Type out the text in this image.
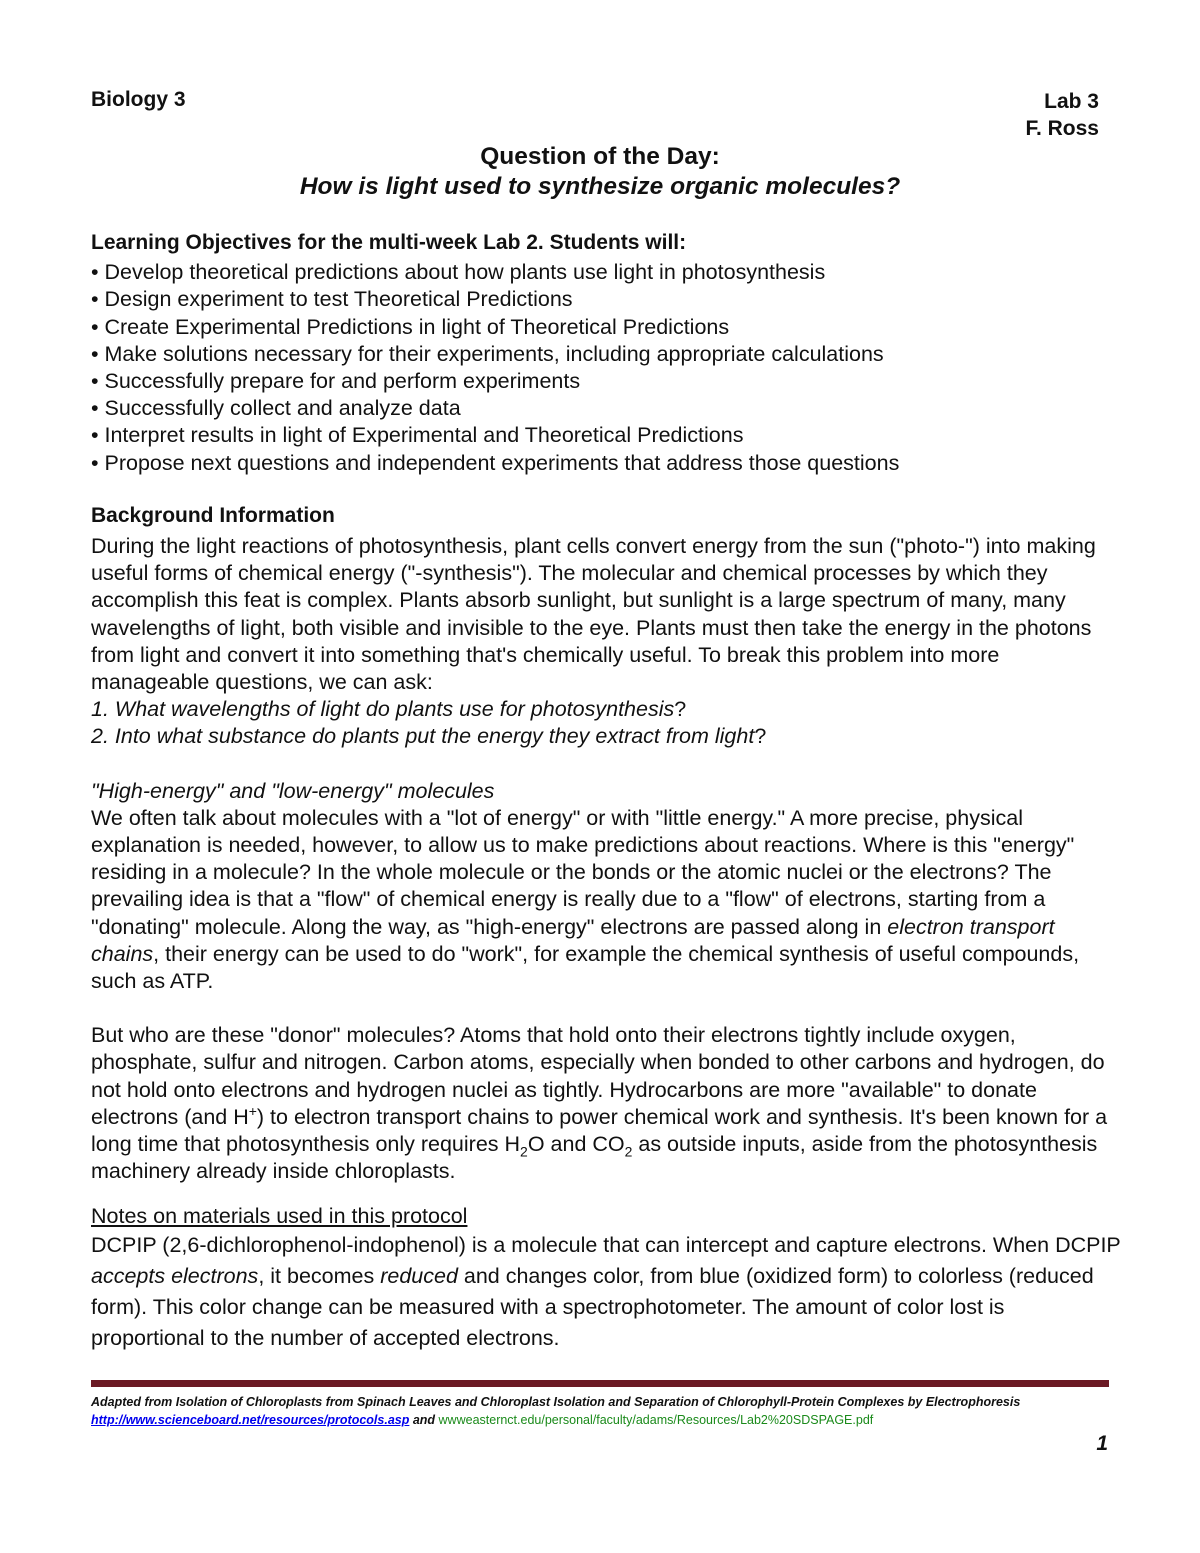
Biology 3	Lab 3
F. Ross
Question of the Day:
How is light used to synthesize organic molecules?
Learning Objectives for the multi-week Lab 2. Students will:
• Develop theoretical predictions about how plants use light in photosynthesis
• Design experiment to test Theoretical Predictions
• Create Experimental Predictions in light of Theoretical Predictions
• Make solutions necessary for their experiments, including appropriate calculations
• Successfully prepare for and perform experiments
• Successfully collect and analyze data
• Interpret results in light of Experimental and Theoretical Predictions
• Propose next questions and independent experiments that address those questions
Background Information

During the light reactions of photosynthesis, plant cells convert energy from the sun ("photo-") into making useful forms of chemical energy ("-synthesis"). The molecular and chemical processes by which they accomplish this feat is complex. Plants absorb sunlight, but sunlight is a large spectrum of many, many wavelengths of light, both visible and invisible to the eye. Plants must then take the energy in the photons from light and convert it into something that's chemically useful. To break this problem into more manageable questions, we can ask:

1. What wavelengths of light do plants use for photosynthesis?

2. Into what substance do plants put the energy they extract from light?

"High-energy" and "low-energy" molecules

We often talk about molecules with a "lot of energy" or with "little energy." A more precise, physical explanation is needed, however, to allow us to make predictions about reactions. Where is this "energy" residing in a molecule? In the whole molecule or the bonds or the atomic nuclei or the electrons? The prevailing idea is that a "flow" of chemical energy is really due to a "flow" of electrons, starting from a "donating" molecule. Along the way, as "high-energy" electrons are passed along in electron transport chains, their energy can be used to do "work", for example the chemical synthesis of useful compounds, such as ATP.

But who are these "donor" molecules? Atoms that hold onto their electrons tightly include oxygen, phosphate, sulfur and nitrogen. Carbon atoms, especially when bonded to other carbons and hydrogen, do not hold onto electrons and hydrogen nuclei as tightly. Hydrocarbons are more "available" to donate electrons (and H+) to electron transport chains to power chemical work and synthesis. It's been known for a long time that photosynthesis only requires $H_2O$ and $CO_2$ as outside inputs, aside from the photosynthesis machinery already inside chloroplasts.

Notes on materials used in this protocol

DCPIP (2,6-dichlorophenol-indophenol) is a molecule that can intercept and capture electrons. When DCPIP accepts electrons, it becomes reduced and changes color, from blue (oxidized form) to colorless (reduced form). This color change can be measured with a spectrophotometer. The amount of color lost is proportional to the number of accepted electrons.

Adapted from Isolation of Chloroplasts from Spinach Leaves and Chloroplast Isolation and Separation of Chlorophyll-Protein Complexes by Electrophoresis
http://www.scienceboard.net/resources/protocols.asp and wwweasternct.edu/personal/faculty/adams/Resources/Lab2%20SDSPAGE.pdf
1
